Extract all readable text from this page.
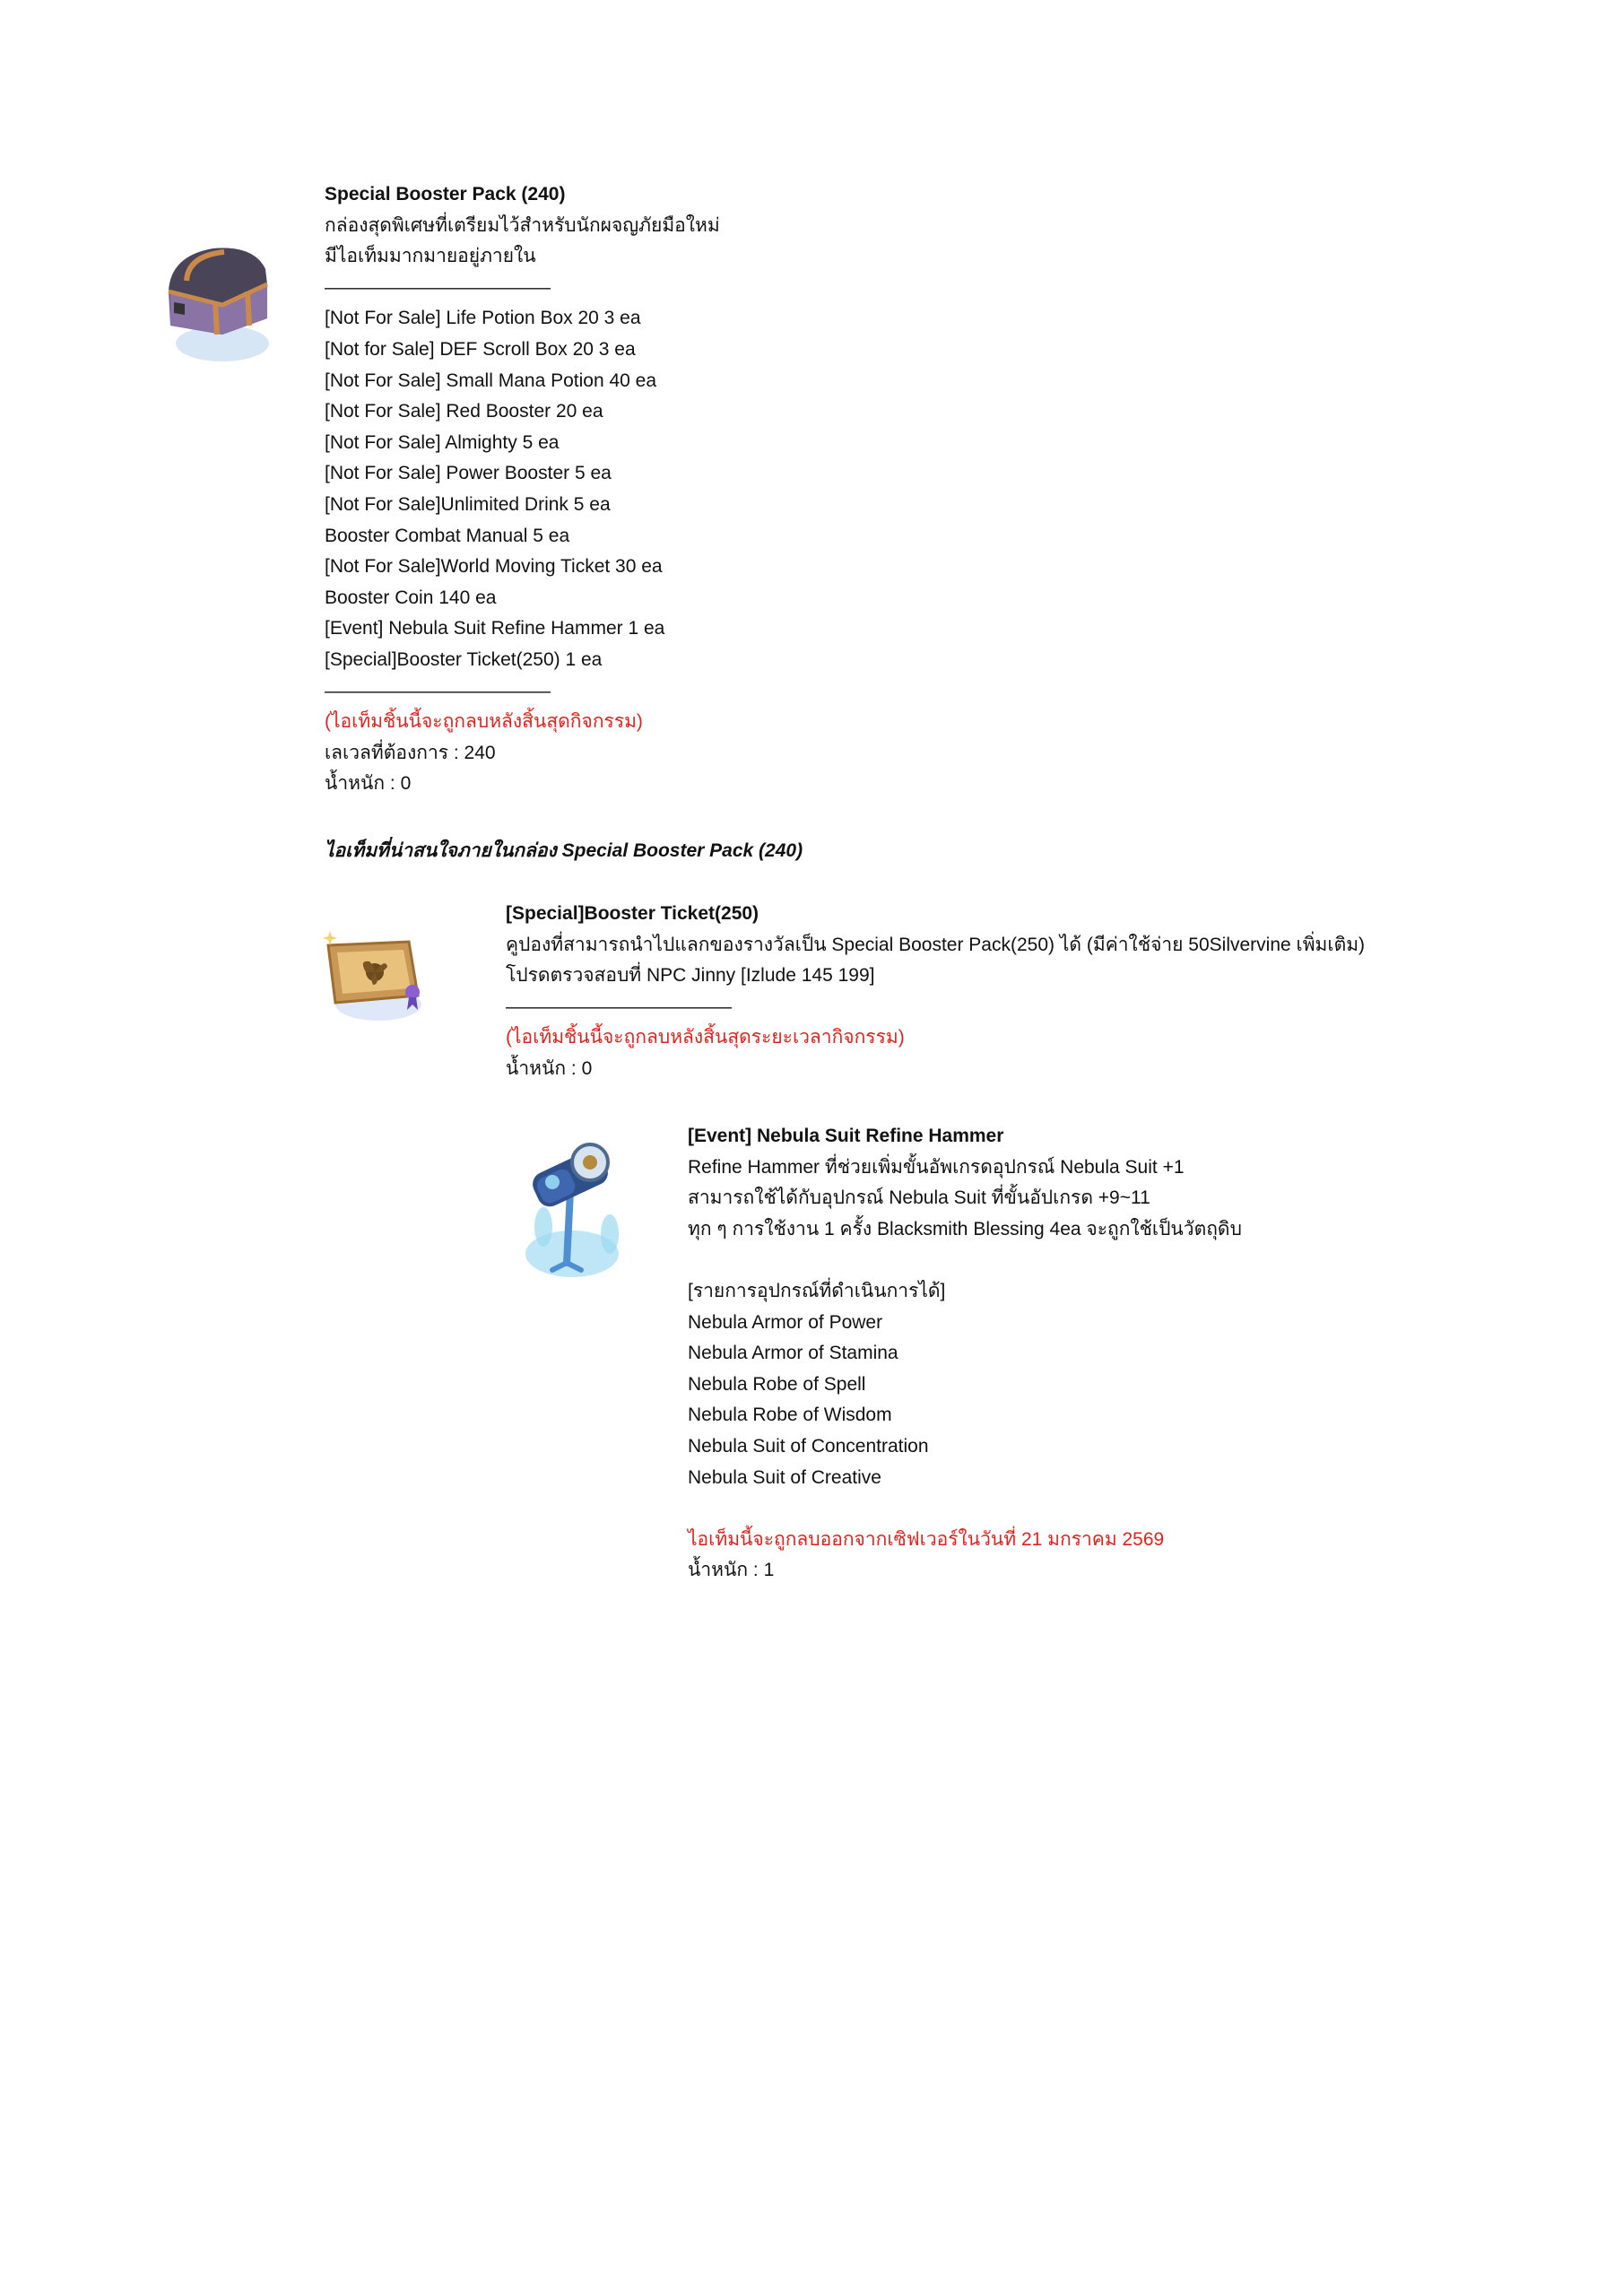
Special Booster Pack (240)
กล่องสุดพิเศษที่เตรียมไว้สำหรับนักผจญภัยมือใหม่
มีไอเท็มมากมายอยู่ภายใน
————————————
[Not For Sale] Life Potion Box 20 3 ea
[Not for Sale] DEF Scroll Box 20 3 ea
[Not For Sale] Small Mana Potion 40 ea
[Not For Sale] Red Booster 20 ea
[Not For Sale] Almighty 5 ea
[Not For Sale] Power Booster 5 ea
[Not For Sale]Unlimited Drink 5 ea
Booster Combat Manual 5 ea
[Not For Sale]World Moving Ticket 30 ea
Booster Coin 140 ea
[Event] Nebula Suit Refine Hammer 1 ea
[Special]Booster Ticket(250) 1 ea
————————————
(ไอเท็มชิ้นนี้จะถูกลบหลังสิ้นสุดกิจกรรม)
เลเวลที่ต้องการ : 240
น้ำหนัก : 0
ไอเท็มที่น่าสนใจภายในกล่อง Special Booster Pack (240)
[Special]Booster Ticket(250)
คูปองที่สามารถนำไปแลกของรางวัลเป็น Special Booster Pack(250) ได้ (มีค่าใช้จ่าย 50Silvervine เพิ่มเติม)
โปรดตรวจสอบที่ NPC Jinny [Izlude 145 199]
————————————
(ไอเท็มชิ้นนี้จะถูกลบหลังสิ้นสุดระยะเวลากิจกรรม)
น้ำหนัก : 0
[Event] Nebula Suit Refine Hammer
Refine Hammer ที่ช่วยเพิ่มขั้นอัพเกรดอุปกรณ์ Nebula Suit +1
สามารถใช้ได้กับอุปกรณ์ Nebula Suit ที่ขั้นอัปเกรด +9~11
ทุก ๆ การใช้งาน 1 ครั้ง Blacksmith Blessing 4ea จะถูกใช้เป็นวัตถุดิบ
[รายการอุปกรณ์ที่ดำเนินการได้]
Nebula Armor of Power
Nebula Armor of Stamina
Nebula Robe of Spell
Nebula Robe of Wisdom
Nebula Suit of Concentration
Nebula Suit of Creative
ไอเท็มนี้จะถูกลบออกจากเซิฟเวอร์ในวันที่ 21 มกราคม 2569
น้ำหนัก : 1
